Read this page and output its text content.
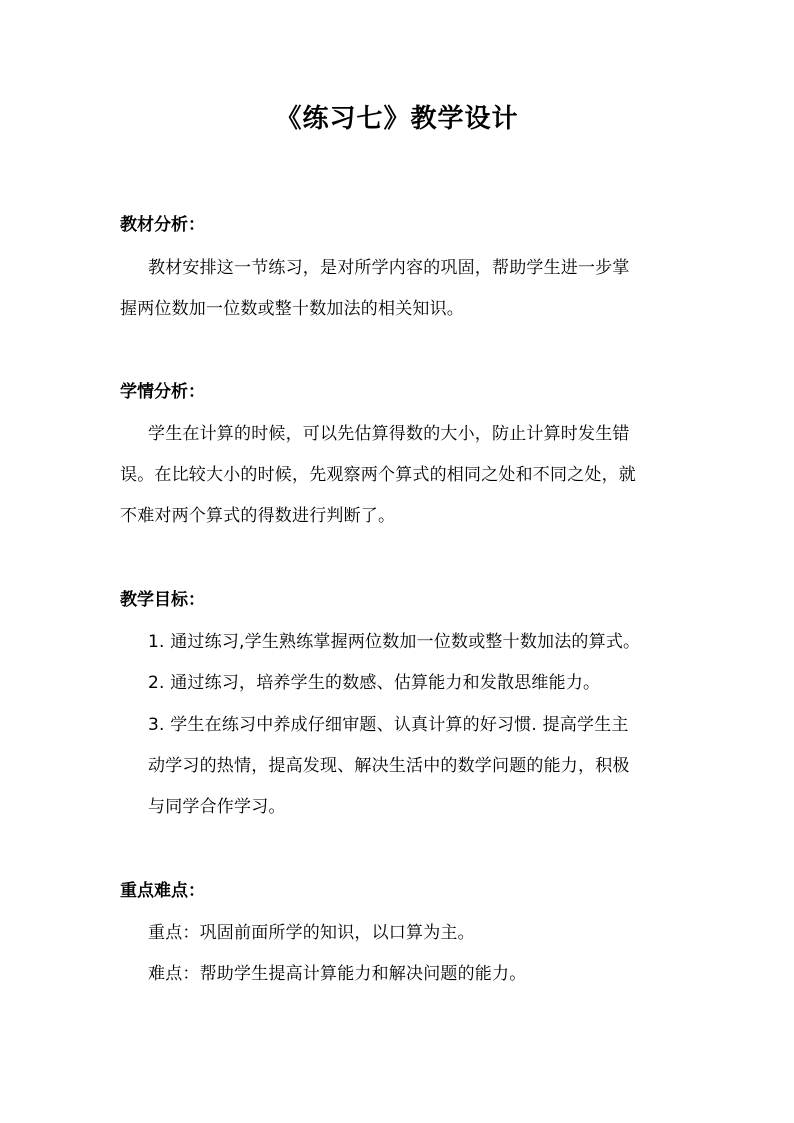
《练习七》教学设计
教材分析：
教材安排这一节练习，是对所学内容的巩固，帮助学生进一步掌
握两位数加一位数或整十数加法的相关知识。
学情分析：
学生在计算的时候，可以先估算得数的大小，防止计算时发生错
误。在比较大小的时候，先观察两个算式的相同之处和不同之处，就
不难对两个算式的得数进行判断了。
教学目标：
1. 通过练习,学生熟练掌握两位数加一位数或整十数加法的算式。
2. 通过练习，培养学生的数感、估算能力和发散思维能力。
3. 学生在练习中养成仔细审题、认真计算的好习惯. 提高学生主
动学习的热情，提高发现、解决生活中的数学问题的能力，积极
与同学合作学习。
重点难点：
重点：巩固前面所学的知识，以口算为主。
难点：帮助学生提高计算能力和解决问题的能力。
